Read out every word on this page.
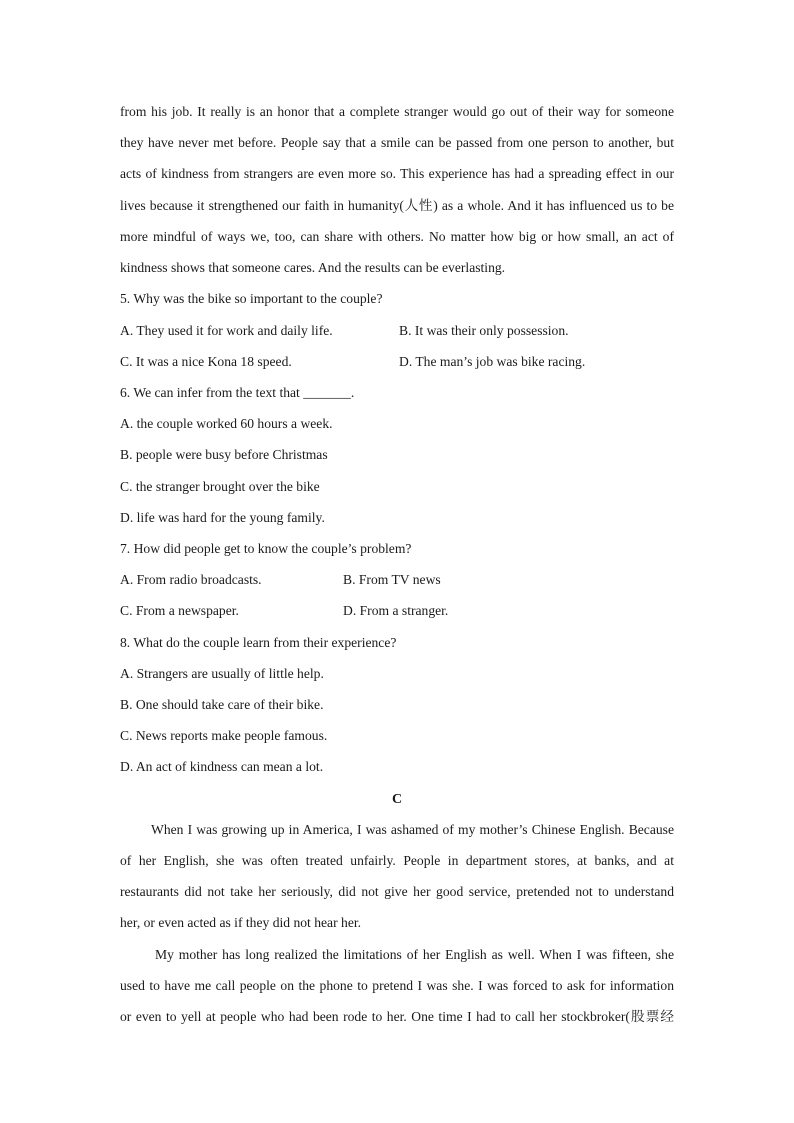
from his job. It really is an honor that a complete stranger would go out of their way for someone
they have never met before. People say that a smile can be passed from one person to another, but
acts of kindness from strangers are even more so. This experience has had a spreading effect in our
lives because it strengthened our faith in humanity(人性) as a whole. And it has influenced us to be
more mindful of ways we, too, can share with others. No matter how big or how small, an act of
kindness shows that someone cares. And the results can be everlasting.
5. Why was the bike so important to the couple?
A. They used it for work and daily life.	B. It was their only possession.
C. It was a nice Kona 18 speed.	D. The man’s job was bike racing.
6. We can infer from the text that _______.
A. the couple worked 60 hours a week.
B. people were busy before Christmas
C. the stranger brought over the bike
D. life was hard for the young family.
7. How did people get to know the couple’s problem?
A. From radio broadcasts.	B. From TV news
C. From a newspaper.	D. From a stranger.
8. What do the couple learn from their experience?
A. Strangers are usually of little help.
B. One should take care of their bike.
C. News reports make people famous.
D. An act of kindness can mean a lot.
C
When I was growing up in America, I was ashamed of my mother’s Chinese English. Because
of her English, she was often treated unfairly. People in department stores, at banks, and at
restaurants did not take her seriously, did not give her good service, pretended not to understand
her, or even acted as if they did not hear her.
My mother has long realized the limitations of her English as well. When I was fifteen, she
used to have me call people on the phone to pretend I was she. I was forced to ask for information
or even to yell at people who had been rode to her. One time I had to call her stockbroker(股票经
